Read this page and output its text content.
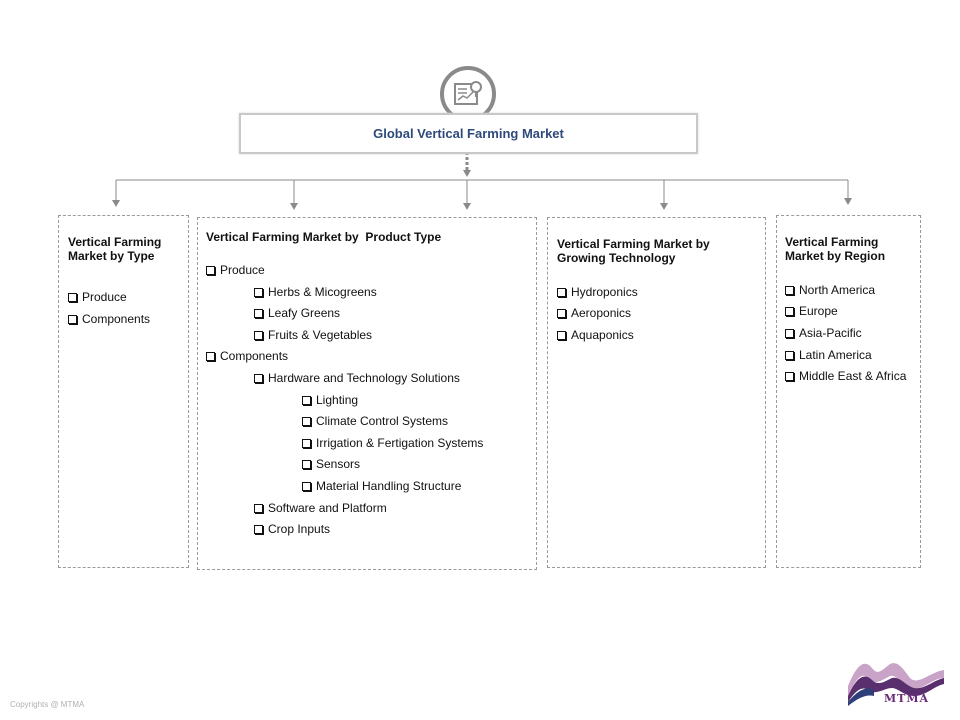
Global Vertical Farming Market
Vertical Farming
Market by Type
Produce
Components
Vertical Farming Market by  Product Type
Produce
Herbs & Micogreens
Leafy Greens
Fruits & Vegetables
Components
Hardware and Technology Solutions
Lighting
Climate Control Systems
Irrigation & Fertigation Systems
Sensors
Material Handling Structure
Software and Platform
Crop Inputs
Vertical Farming Market by
Growing Technology
Hydroponics
Aeroponics
Aquaponics
Vertical Farming
Market by Region
North America
Europe
Asia-Pacific
Latin America
Middle East & Africa
Copyrights @ MTMA	MTMA
